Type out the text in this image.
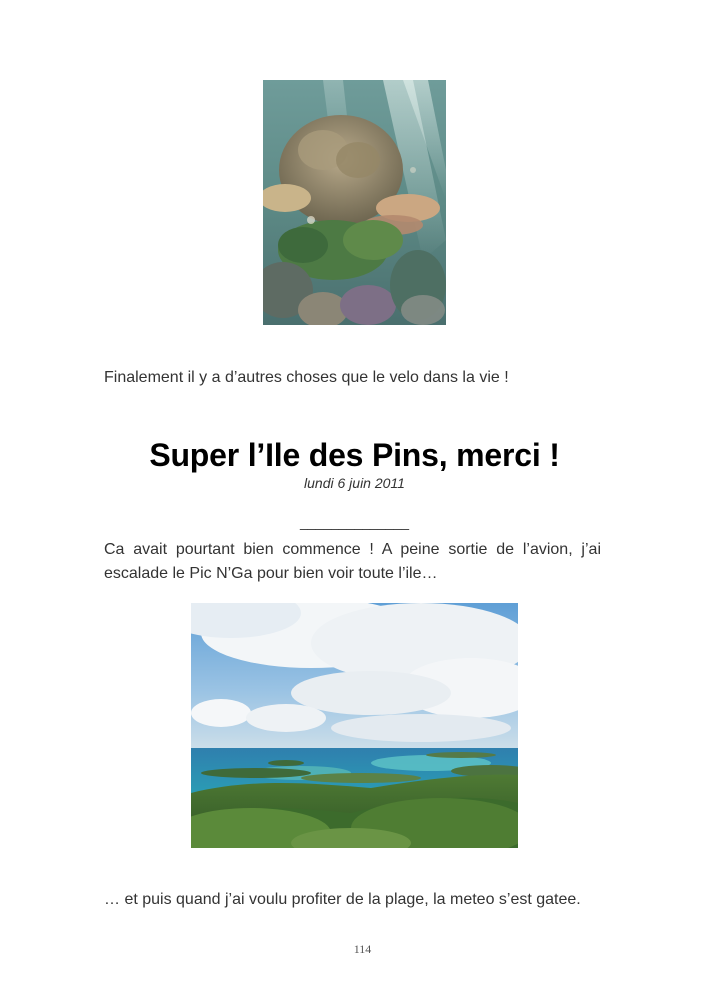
Finalement il y a d’autres choses que le velo dans la vie !

Super l’Ile des Pins, merci !
lundi 6 juin 2011
______________

Ca avait pourtant bien commence ! A peine sortie de l’avion, j’ai escalade le Pic N’Ga pour bien voir toute l’ile…

… et puis quand j’ai voulu profiter de la plage, la meteo s’est gatee.

114
